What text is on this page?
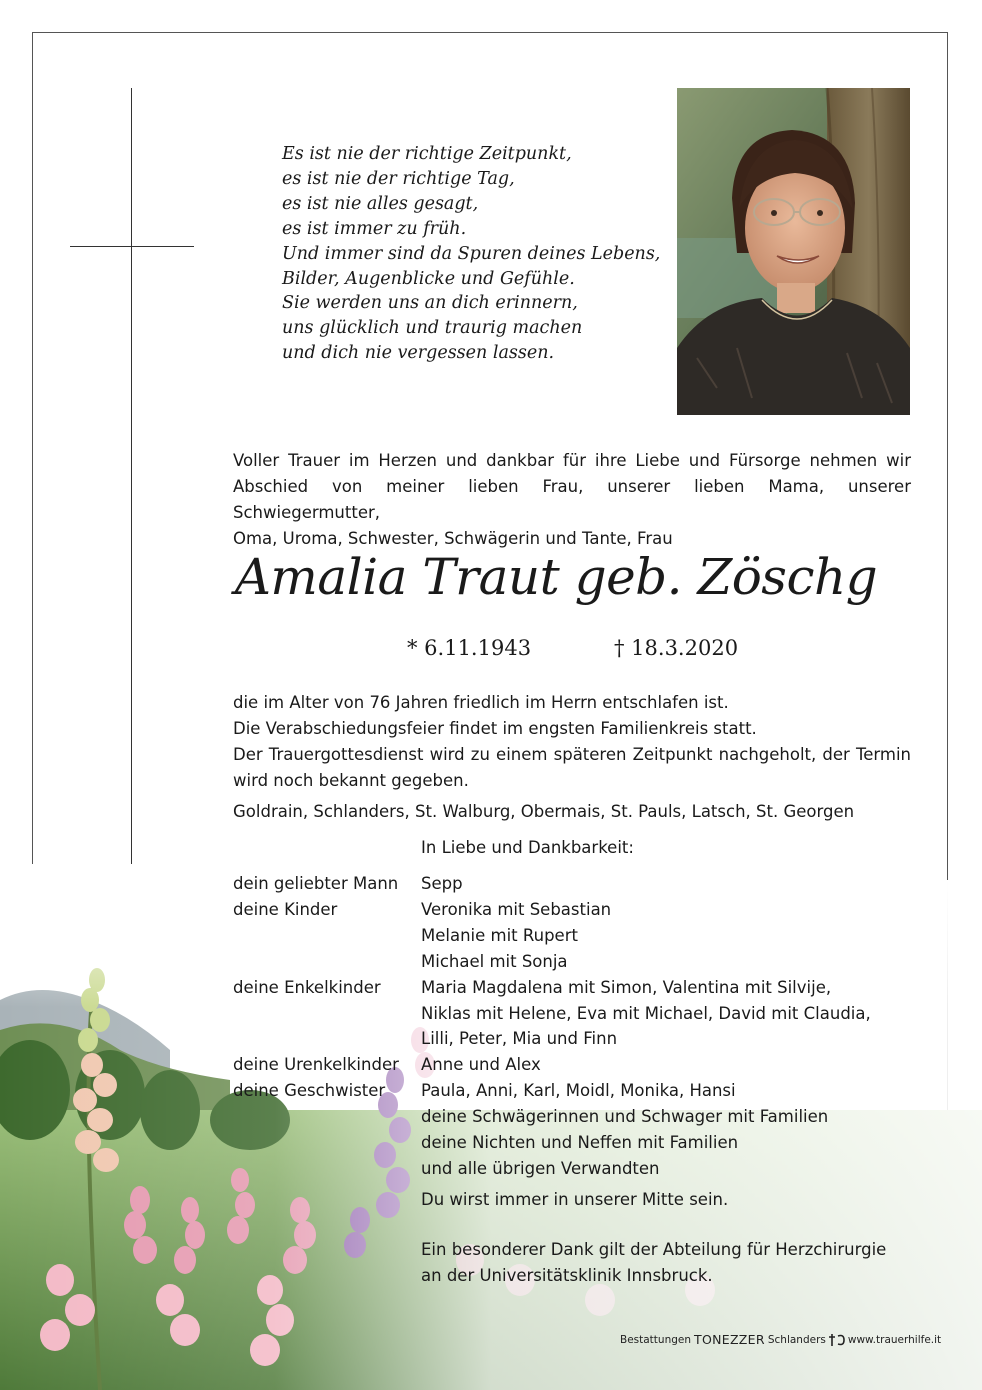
Es ist nie der richtige Zeitpunkt,
es ist nie der richtige Tag,
es ist nie alles gesagt,
es ist immer zu früh.
Und immer sind da Spuren deines Lebens,
Bilder, Augenblicke und Gefühle.
Sie werden uns an dich erinnern,
uns glücklich und traurig machen
und dich nie vergessen lassen.
Voller Trauer im Herzen und dankbar für ihre Liebe und Fürsorge nehmen wir
Abschied von meiner lieben Frau, unserer lieben Mama, unserer Schwiegermutter,
Oma, Uroma, Schwester, Schwägerin und Tante, Frau
Amalia Traut geb. Zöschg
* 6.11.1943	† 18.3.2020
die im Alter von 76 Jahren friedlich im Herrn entschlafen ist.
Die Verabschiedungsfeier findet im engsten Familienkreis statt.
Der Trauergottesdienst wird zu einem späteren Zeitpunkt nachgeholt, der Termin
wird noch bekannt gegeben.
Goldrain, Schlanders, St. Walburg, Obermais, St. Pauls, Latsch, St. Georgen
In Liebe und Dankbarkeit:
dein geliebter Mann	Sepp
deine Kinder	Veronika mit Sebastian
Melanie mit Rupert
Michael mit Sonja
deine Enkelkinder	Maria Magdalena mit Simon, Valentina mit Silvije,
Niklas mit Helene, Eva mit Michael, David mit Claudia,
Lilli, Peter, Mia und Finn
deine Urenkelkinder	Anne und Alex
deine Geschwister	Paula, Anni, Karl, Moidl, Monika, Hansi
deine Schwägerinnen und Schwager mit Familien
deine Nichten und Neffen mit Familien
und alle übrigen Verwandten
Du wirst immer in unserer Mitte sein.
Ein besonderer Dank gilt der Abteilung für Herzchirurgie
an der Universitätsklinik Innsbruck.
Bestattungen TONEZZER Schlanders www.trauerhilfe.it
